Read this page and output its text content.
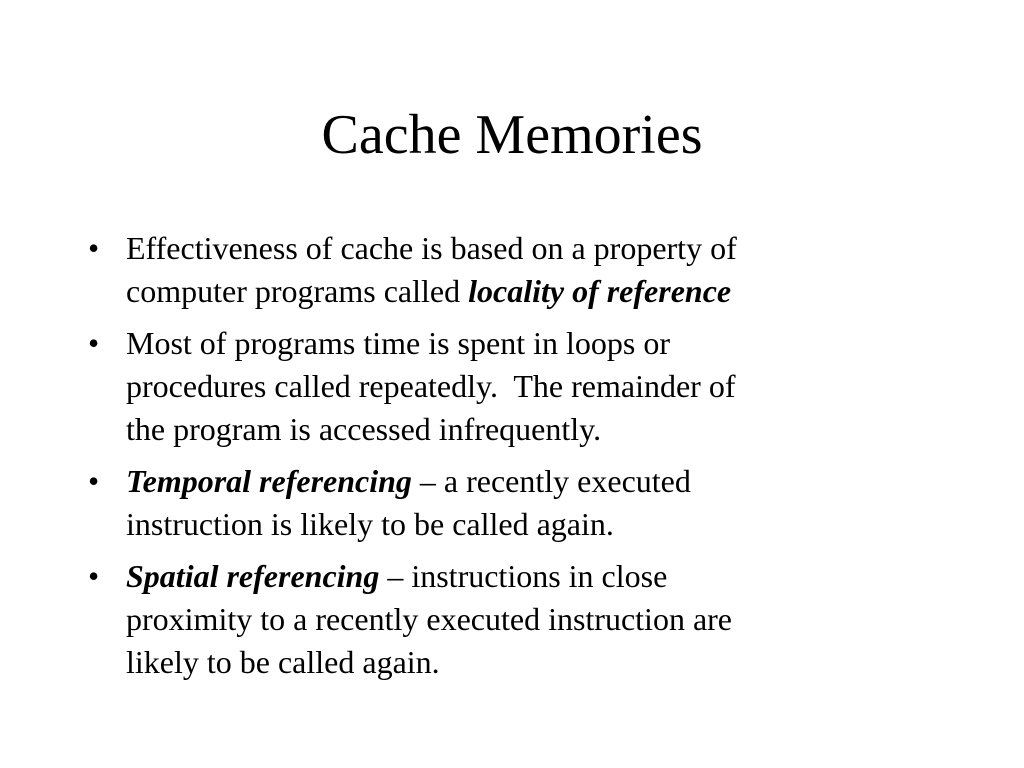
Cache Memories
• Effectiveness of cache is based on a property of
computer programs called locality of reference
• Most of programs time is spent in loops or
procedures called repeatedly.  The remainder of
the program is accessed infrequently.
• Temporal referencing – a recently executed
instruction is likely to be called again.
• Spatial referencing – instructions in close
proximity to a recently executed instruction are
likely to be called again.
